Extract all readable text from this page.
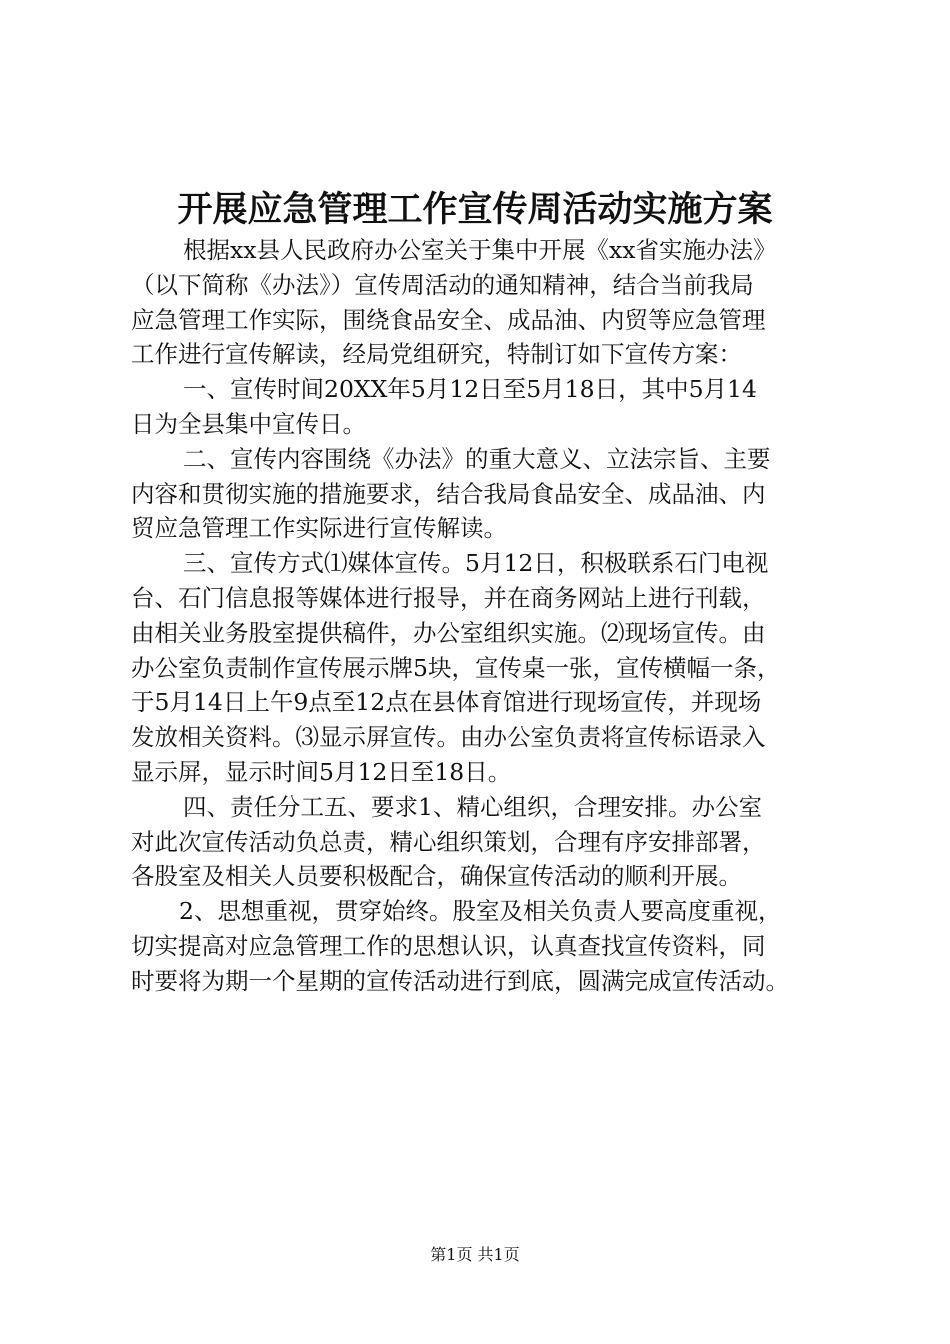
开展应急管理工作宣传周活动实施方案
根据xx县人民政府办公室关于集中开展《xx省实施办法》
（以下简称《办法》）宣传周活动的通知精神，结合当前我局
应急管理工作实际，围绕食品安全、成品油、内贸等应急管理
工作进行宣传解读，经局党组研究，特制订如下宣传方案：
一、宣传时间20XX年5月12日至5月18日，其中5月14
日为全县集中宣传日。
二、宣传内容围绕《办法》的重大意义、立法宗旨、主要
内容和贯彻实施的措施要求，结合我局食品安全、成品油、内
贸应急管理工作实际进行宣传解读。
三、宣传方式⑴媒体宣传。5月12日，积极联系石门电视
台、石门信息报等媒体进行报导，并在商务网站上进行刊载，
由相关业务股室提供稿件，办公室组织实施。⑵现场宣传。由
办公室负责制作宣传展示牌5块，宣传桌一张，宣传横幅一条，
于5月14日上午9点至12点在县体育馆进行现场宣传，并现场
发放相关资料。⑶显示屏宣传。由办公室负责将宣传标语录入
显示屏，显示时间5月12日至18日。
四、责任分工五、要求1、精心组织，合理安排。办公室
对此次宣传活动负总责，精心组织策划，合理有序安排部署，
各股室及相关人员要积极配合，确保宣传活动的顺利开展。
2、思想重视，贯穿始终。股室及相关负责人要高度重视，
切实提高对应急管理工作的思想认识，认真查找宣传资料，同
时要将为期一个星期的宣传活动进行到底，圆满完成宣传活动。
第1页 共1页
